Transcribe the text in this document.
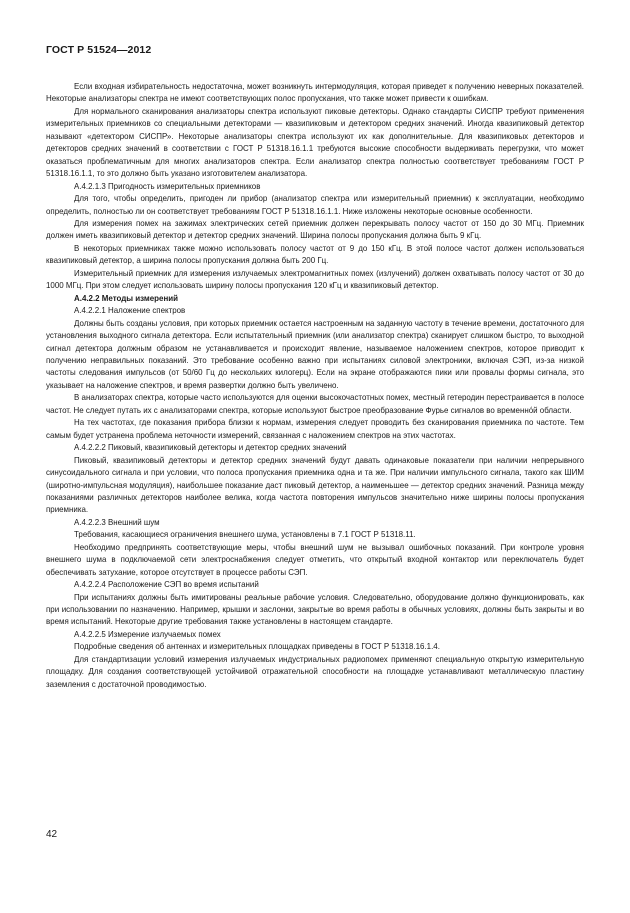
ГОСТ Р 51524—2012

Если входная избирательность недостаточна, может возникнуть интермодуляция, которая приведет к получению неверных показателей. Некоторые анализаторы спектра не имеют соответствующих полос пропускания, что также может привести к ошибкам.

Для нормального сканирования анализаторы спектра используют пиковые детекторы. Однако стандарты СИСПР требуют применения измерительных приемников со специальными детекторами — квазипиковым и детектором средних значений. Иногда квазипиковый детектор называют «детектором СИСПР». Некоторые анализаторы спектра используют их как дополнительные. Для квазипиковых детекторов и детекторов средних значений в соответствии с ГОСТ Р 51318.16.1.1 требуются высокие способности выдерживать перегрузки, что может оказаться проблематичным для многих анализаторов спектра. Если анализатор спектра полностью соответствует требованиям ГОСТ Р 51318.16.1.1, то это должно быть указано изготовителем анализатора.

А.4.2.1.3 Пригодность измерительных приемников

Для того, чтобы определить, пригоден ли прибор (анализатор спектра или измерительный приемник) к эксплуатации, необходимо определить, полностью ли он соответствует требованиям ГОСТ Р 51318.16.1.1. Ниже изложены некоторые основные особенности.

Для измерения помех на зажимах электрических сетей приемник должен перекрывать полосу частот от 150 до 30 МГц. Приемник должен иметь квазипиковый детектор и детектор средних значений. Ширина полосы пропускания должна быть 9 кГц.

В некоторых приемниках также можно использовать полосу частот от 9 до 150 кГц. В этой полосе частот должен использоваться квазипиковый детектор, а ширина полосы пропускания должна быть 200 Гц.

Измерительный приемник для измерения излучаемых электромагнитных помех (излучений) должен охватывать полосу частот от 30 до 1000 МГц. При этом следует использовать ширину полосы пропускания 120 кГц и квазипиковый детектор.

А.4.2.2 Методы измерений

А.4.2.2.1 Наложение спектров

Должны быть созданы условия, при которых приемник остается настроенным на заданную частоту в течение времени, достаточного для установления выходного сигнала детектора. Если испытательный приемник (или анализатор спектра) сканирует слишком быстро, то выходной сигнал детектора должным образом не устанавливается и происходит явление, называемое наложением спектров, которое приводит к получению неправильных показаний. Это требование особенно важно при испытаниях силовой электроники, включая СЭП, из-за низкой частоты следования импульсов (от 50/60 Гц до нескольких килогерц). Если на экране отображаются пики или провалы формы сигнала, это указывает на наложение спектров, и время развертки должно быть увеличено.

В анализаторах спектра, которые часто используются для оценки высокочастотных помех, местный гетеродин перестраивается в полосе частот. Не следует путать их с анализаторами спектра, которые используют быстрое преобразование Фурье сигналов во временно́й области.

На тех частотах, где показания прибора близки к нормам, измерения следует проводить без сканирования приемника по частоте. Тем самым будет устранена проблема неточности измерений, связанная с наложением спектров на этих частотах.

А.4.2.2.2 Пиковый, квазипиковый детекторы и детектор средних значений

Пиковый, квазипиковый детекторы и детектор средних значений будут давать одинаковые показатели при наличии непрерывного синусоидального сигнала и при условии, что полоса пропускания приемника одна и та же. При наличии импульсного сигнала, такого как ШИМ (широтно-импульсная модуляция), наибольшее показание даст пиковый детектор, а наименьшее — детектор средних значений. Разница между показаниями различных детекторов наиболее велика, когда частота повторения импульсов значительно ниже ширины полосы пропускания приемника.

А.4.2.2.3 Внешний шум

Требования, касающиеся ограничения внешнего шума, установлены в 7.1 ГОСТ Р 51318.11.

Необходимо предпринять соответствующие меры, чтобы внешний шум не вызывал ошибочных показаний. При контроле уровня внешнего шума в подключаемой сети электроснабжения следует отметить, что открытый входной контактор или переключатель будет обеспечивать затухание, которое отсутствует в процессе работы СЭП.

А.4.2.2.4 Расположение СЭП во время испытаний

При испытаниях должны быть имитированы реальные рабочие условия. Следовательно, оборудование должно функционировать, как при использовании по назначению. Например, крышки и заслонки, закрытые во время работы в обычных условиях, должны быть закрыты и во время испытаний. Некоторые другие требования также установлены в настоящем стандарте.

А.4.2.2.5 Измерение излучаемых помех

Подробные сведения об антеннах и измерительных площадках приведены в ГОСТ Р 51318.16.1.4.

Для стандартизации условий измерения излучаемых индустриальных радиопомех применяют специальную открытую измерительную площадку. Для создания соответствующей устойчивой отражательной способности на площадке устанавливают металлическую пластину заземления с достаточной проводимостью.

42
